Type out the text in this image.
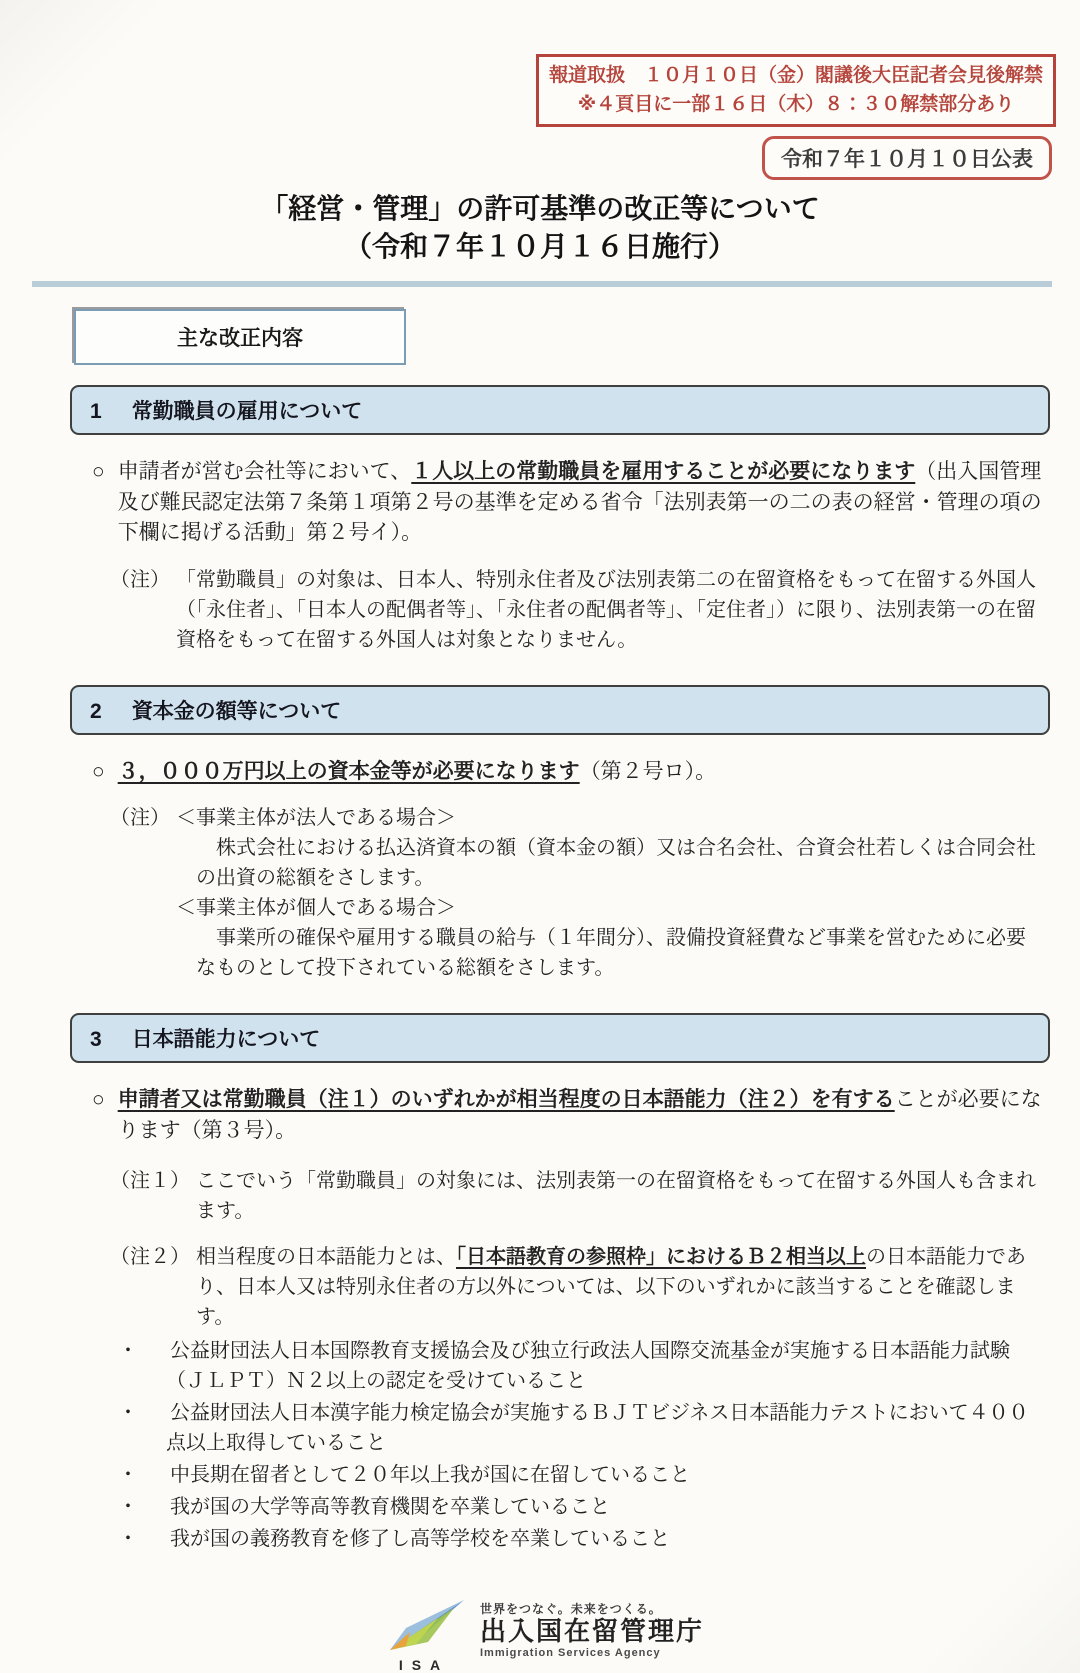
報道取扱　１０月１０日（金）閣議後大臣記者会見後解禁
※４頁目に一部１６日（木）８：３０解禁部分あり
令和７年１０月１０日公表
「経営・管理」の許可基準の改正等について
（令和７年１０月１６日施行）
主な改正内容
1 常勤職員の雇用について
○ 申請者が営む会社等において、１人以上の常勤職員を雇用することが必要になります（出入国管理及び難民認定法第７条第１項第２号の基準を定める省令「法別表第一の二の表の経営・管理の項の下欄に掲げる活動」第２号イ）。
（注） 「常勤職員」の対象は、日本人、特別永住者及び法別表第二の在留資格をもって在留する外国人（「永住者」、「日本人の配偶者等」、「永住者の配偶者等」、「定住者」）に限り、法別表第一の在留資格をもって在留する外国人は対象となりません。
2 資本金の額等について
○ ３，０００万円以上の資本金等が必要になります（第２号ロ）。
（注） ＜事業主体が法人である場合＞

株式会社における払込済資本の額（資本金の額）又は合名会社、合資会社若しくは合同会社の出資の総額をさします。

＜事業主体が個人である場合＞

事業所の確保や雇用する職員の給与（１年間分）、設備投資経費など事業を営むために必要なものとして投下されている総額をさします。

3 日本語能力について
○ 申請者又は常勤職員（注１）のいずれかが相当程度の日本語能力（注２）を有することが必要になります（第３号）。
（注１） ここでいう「常勤職員」の対象には、法別表第一の在留資格をもって在留する外国人も含まれます。
（注２） 相当程度の日本語能力とは、「日本語教育の参照枠」におけるＢ２相当以上の日本語能力であり、日本人又は特別永住者の方以外については、以下のいずれかに該当することを確認します。
・ 公益財団法人日本国際教育支援協会及び独立行政法人国際交流基金が実施する日本語能力試験（ＪＬＰＴ）Ｎ２以上の認定を受けていること
・ 公益財団法人日本漢字能力検定協会が実施するＢＪＴビジネス日本語能力テストにおいて４００点以上取得していること
・ 中長期在留者として２０年以上我が国に在留していること
・ 我が国の大学等高等教育機関を卒業していること
・ 我が国の義務教育を修了し高等学校を卒業していること
ISA
世界をつなぐ。未来をつくる。
出入国在留管理庁
Immigration Services Agency
